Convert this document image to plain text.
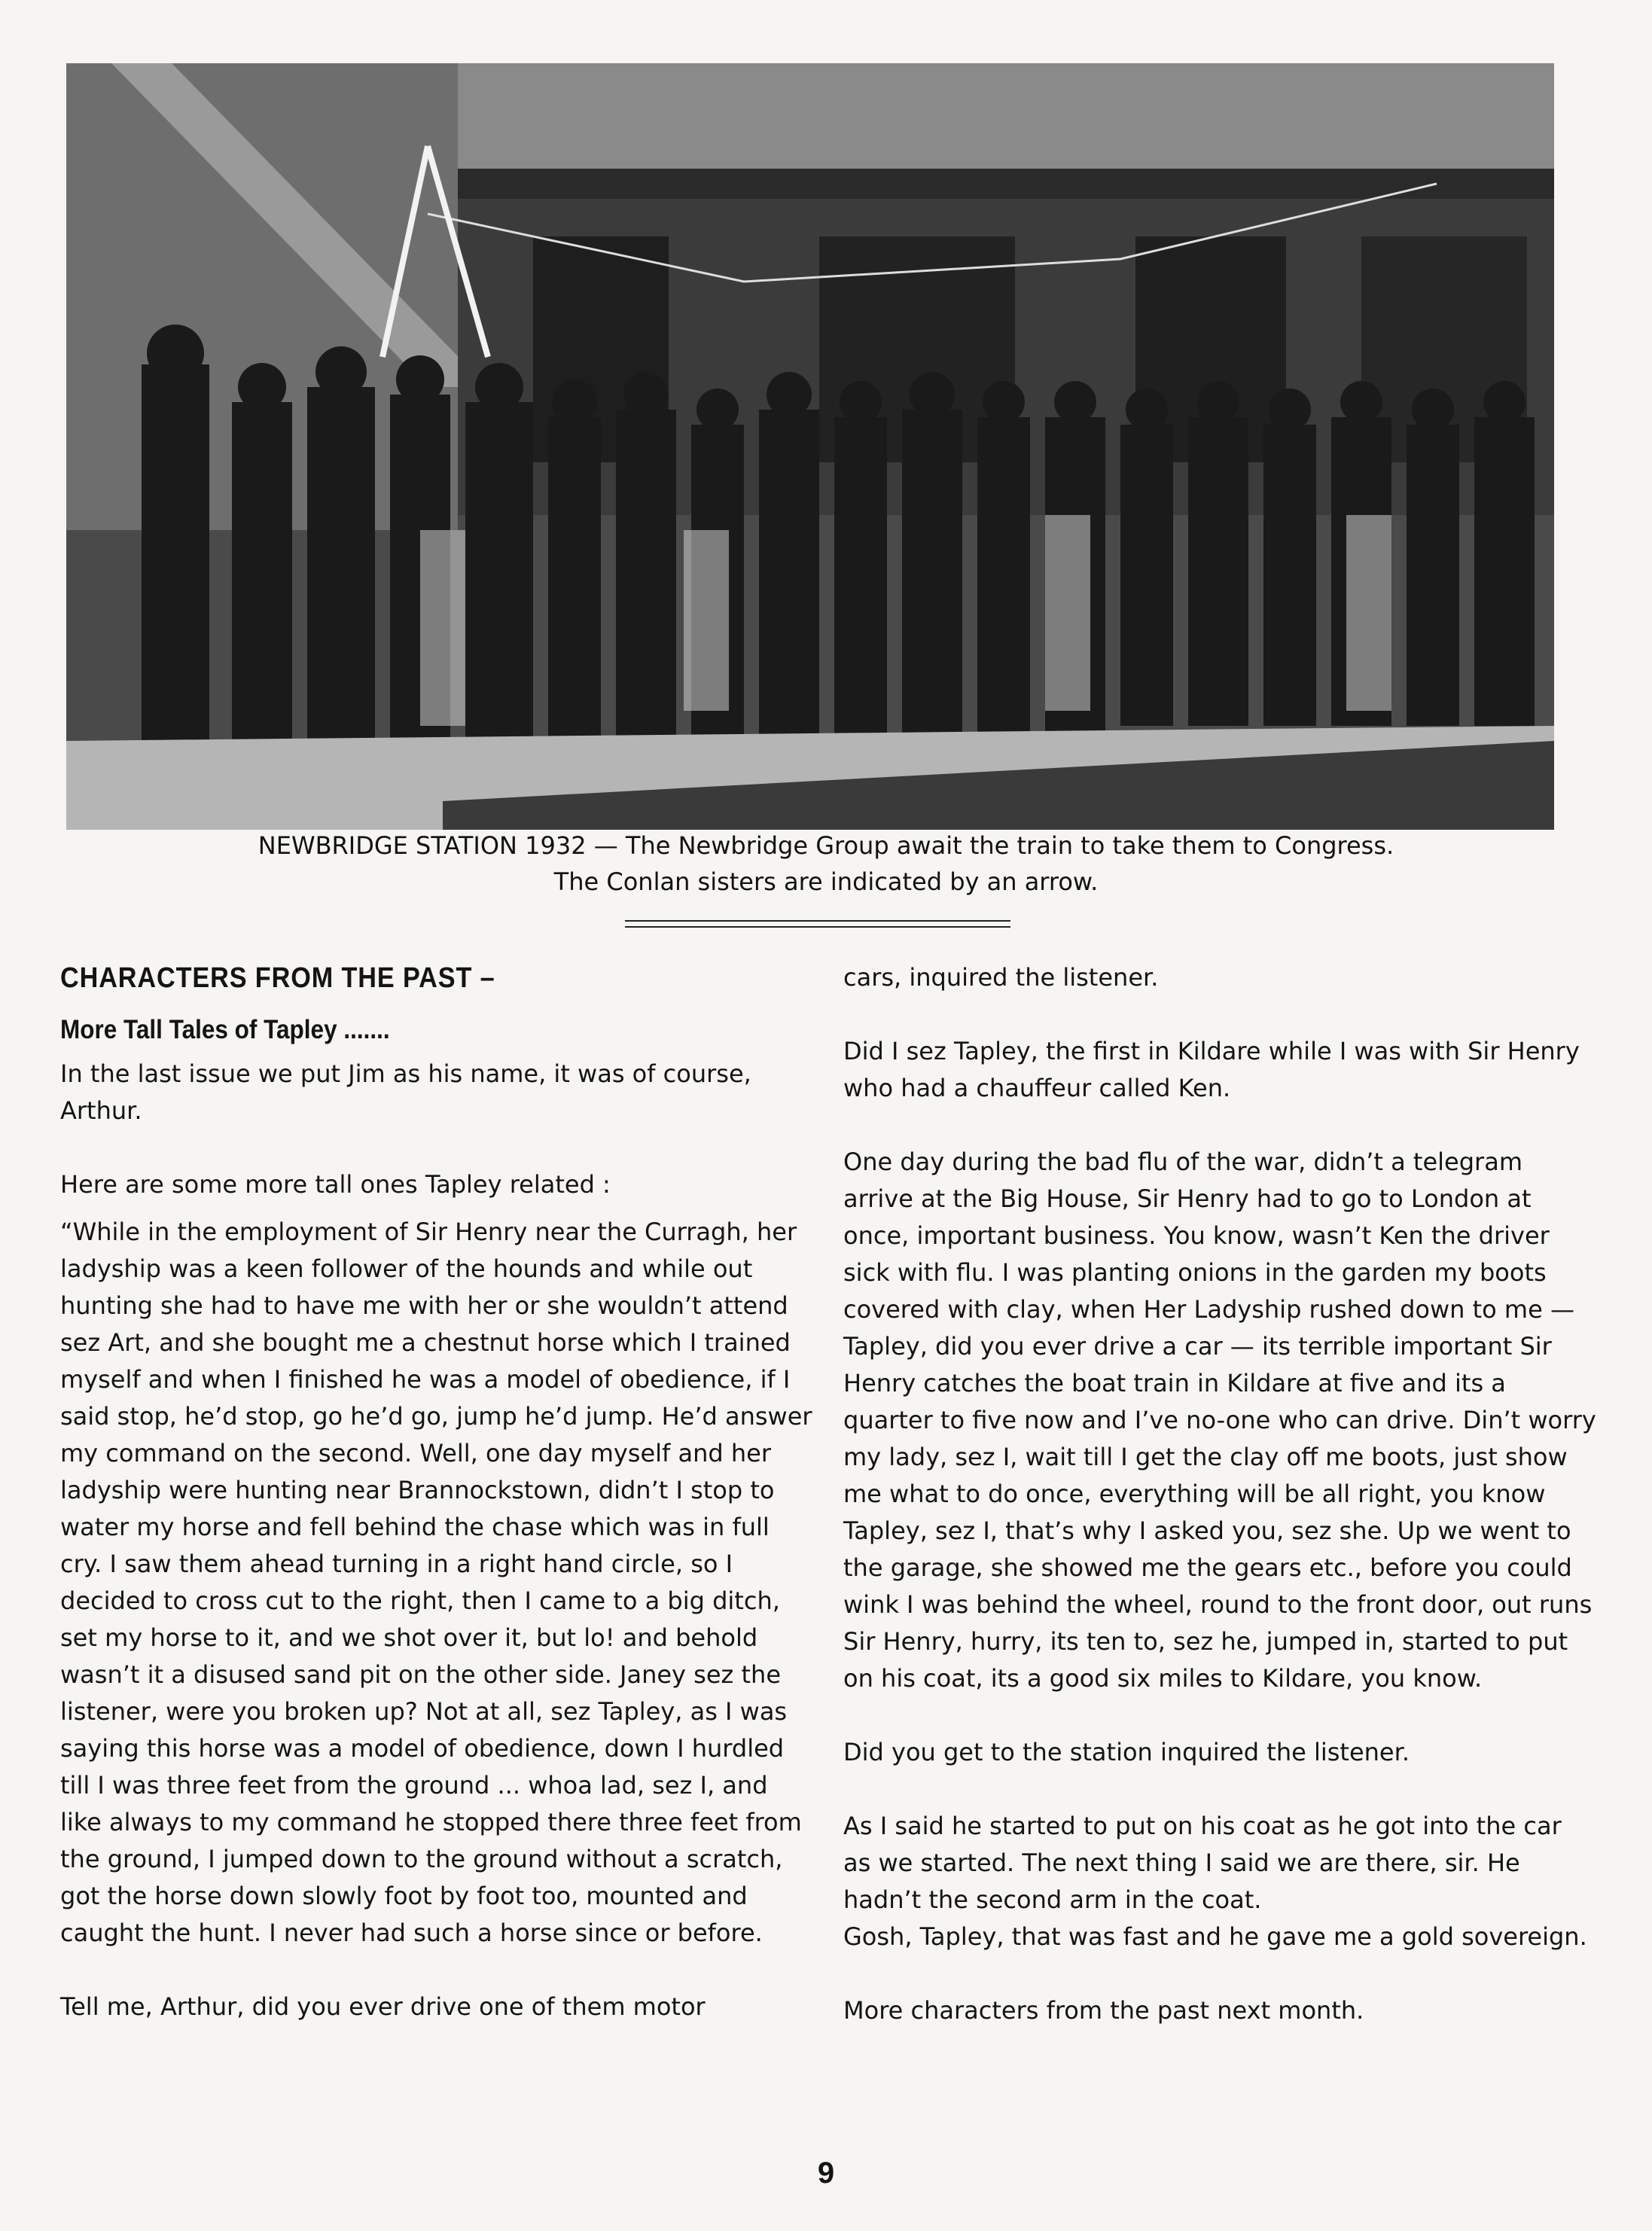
NEWBRIDGE STATION 1932 — The Newbridge Group await the train to take them to Congress.
The Conlan sisters are indicated by an arrow.
CHARACTERS FROM THE PAST –
More Tall Tales of Tapley .......

In the last issue we put Jim as his name, it was of course, Arthur.

Here are some more tall ones Tapley related :

“While in the employment of Sir Henry near the Curragh, her ladyship was a keen follower of the hounds and while out hunting she had to have me with her or she wouldn’t attend sez Art, and she bought me a chestnut horse which I trained myself and when I finished he was a model of obedience, if I said stop, he’d stop, go he’d go, jump he’d jump. He’d answer my command on the second. Well, one day myself and her ladyship were hunting near Brannockstown, didn’t I stop to water my horse and fell behind the chase which was in full cry. I saw them ahead turning in a right hand circle, so I decided to cross cut to the right, then I came to a big ditch, set my horse to it, and we shot over it, but lo! and behold wasn’t it a disused sand pit on the other side. Janey sez the listener, were you broken up? Not at all, sez Tapley, as I was saying this horse was a model of obedience, down I hurdled till I was three feet from the ground ... whoa lad, sez I, and like always to my command he stopped there three feet from the ground, I jumped down to the ground without a scratch, got the horse down slowly foot by foot too, mounted and caught the hunt. I never had such a horse since or before.

Tell me, Arthur, did you ever drive one of them motor

cars, inquired the listener.

Did I sez Tapley, the first in Kildare while I was with Sir Henry who had a chauffeur called Ken.

One day during the bad flu of the war, didn’t a telegram arrive at the Big House, Sir Henry had to go to London at once, important business. You know, wasn’t Ken the driver sick with flu. I was planting onions in the garden my boots covered with clay, when Her Ladyship rushed down to me — Tapley, did you ever drive a car — its terrible important Sir Henry catches the boat train in Kildare at five and its a quarter to five now and I’ve no-one who can drive. Din’t worry my lady, sez I, wait till I get the clay off me boots, just show me what to do once, everything will be all right, you know Tapley, sez I, that’s why I asked you, sez she. Up we went to the garage, she showed me the gears etc., before you could wink I was behind the wheel, round to the front door, out runs Sir Henry, hurry, its ten to, sez he, jumped in, started to put on his coat, its a good six miles to Kildare, you know.

Did you get to the station inquired the listener.

As I said he started to put on his coat as he got into the car as we started. The next thing I said we are there, sir. He hadn’t the second arm in the coat.

Gosh, Tapley, that was fast and he gave me a gold sovereign.

More characters from the past next month.

9
